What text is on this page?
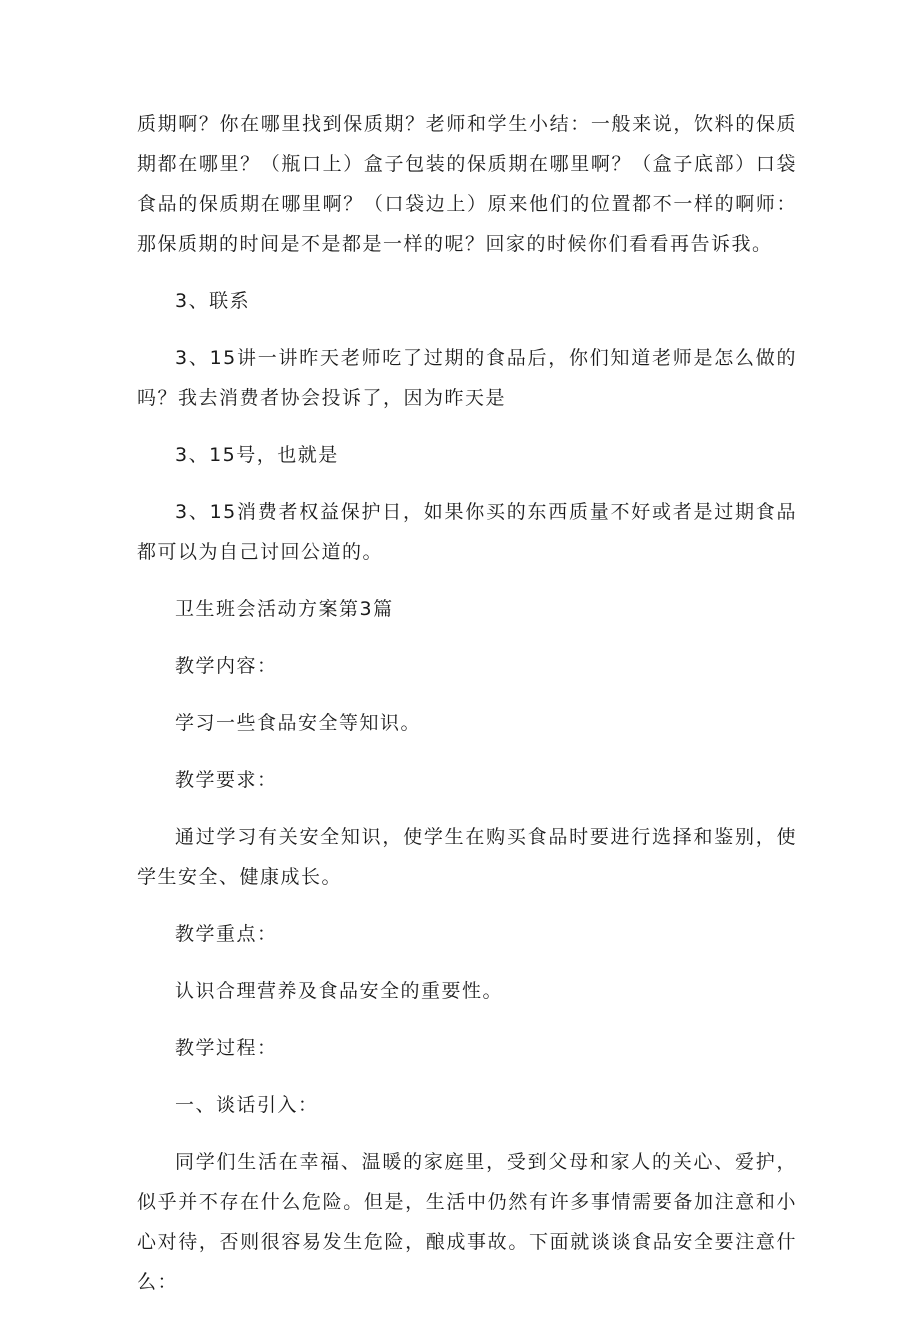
质期啊？你在哪里找到保质期？老师和学生小结：一般来说，饮料的保质期都在哪里？（瓶口上）盒子包装的保质期在哪里啊？（盒子底部）口袋食品的保质期在哪里啊？（口袋边上）原来他们的位置都不一样的啊师：那保质期的时间是不是都是一样的呢？回家的时候你们看看再告诉我。

3、联系

3、15讲一讲昨天老师吃了过期的食品后，你们知道老师是怎么做的吗？我去消费者协会投诉了，因为昨天是

3、15号，也就是

3、15消费者权益保护日，如果你买的东西质量不好或者是过期食品都可以为自己讨回公道的。

卫生班会活动方案第3篇

教学内容：

学习一些食品安全等知识。

教学要求：

通过学习有关安全知识，使学生在购买食品时要进行选择和鉴别，使学生安全、健康成长。

教学重点：

认识合理营养及食品安全的重要性。

教学过程：

一、谈话引入：

同学们生活在幸福、温暖的家庭里，受到父母和家人的关心、爱护，似乎并不存在什么危险。但是，生活中仍然有许多事情需要备加注意和小心对待，否则很容易发生危险，酿成事故。下面就谈谈食品安全要注意什么：
